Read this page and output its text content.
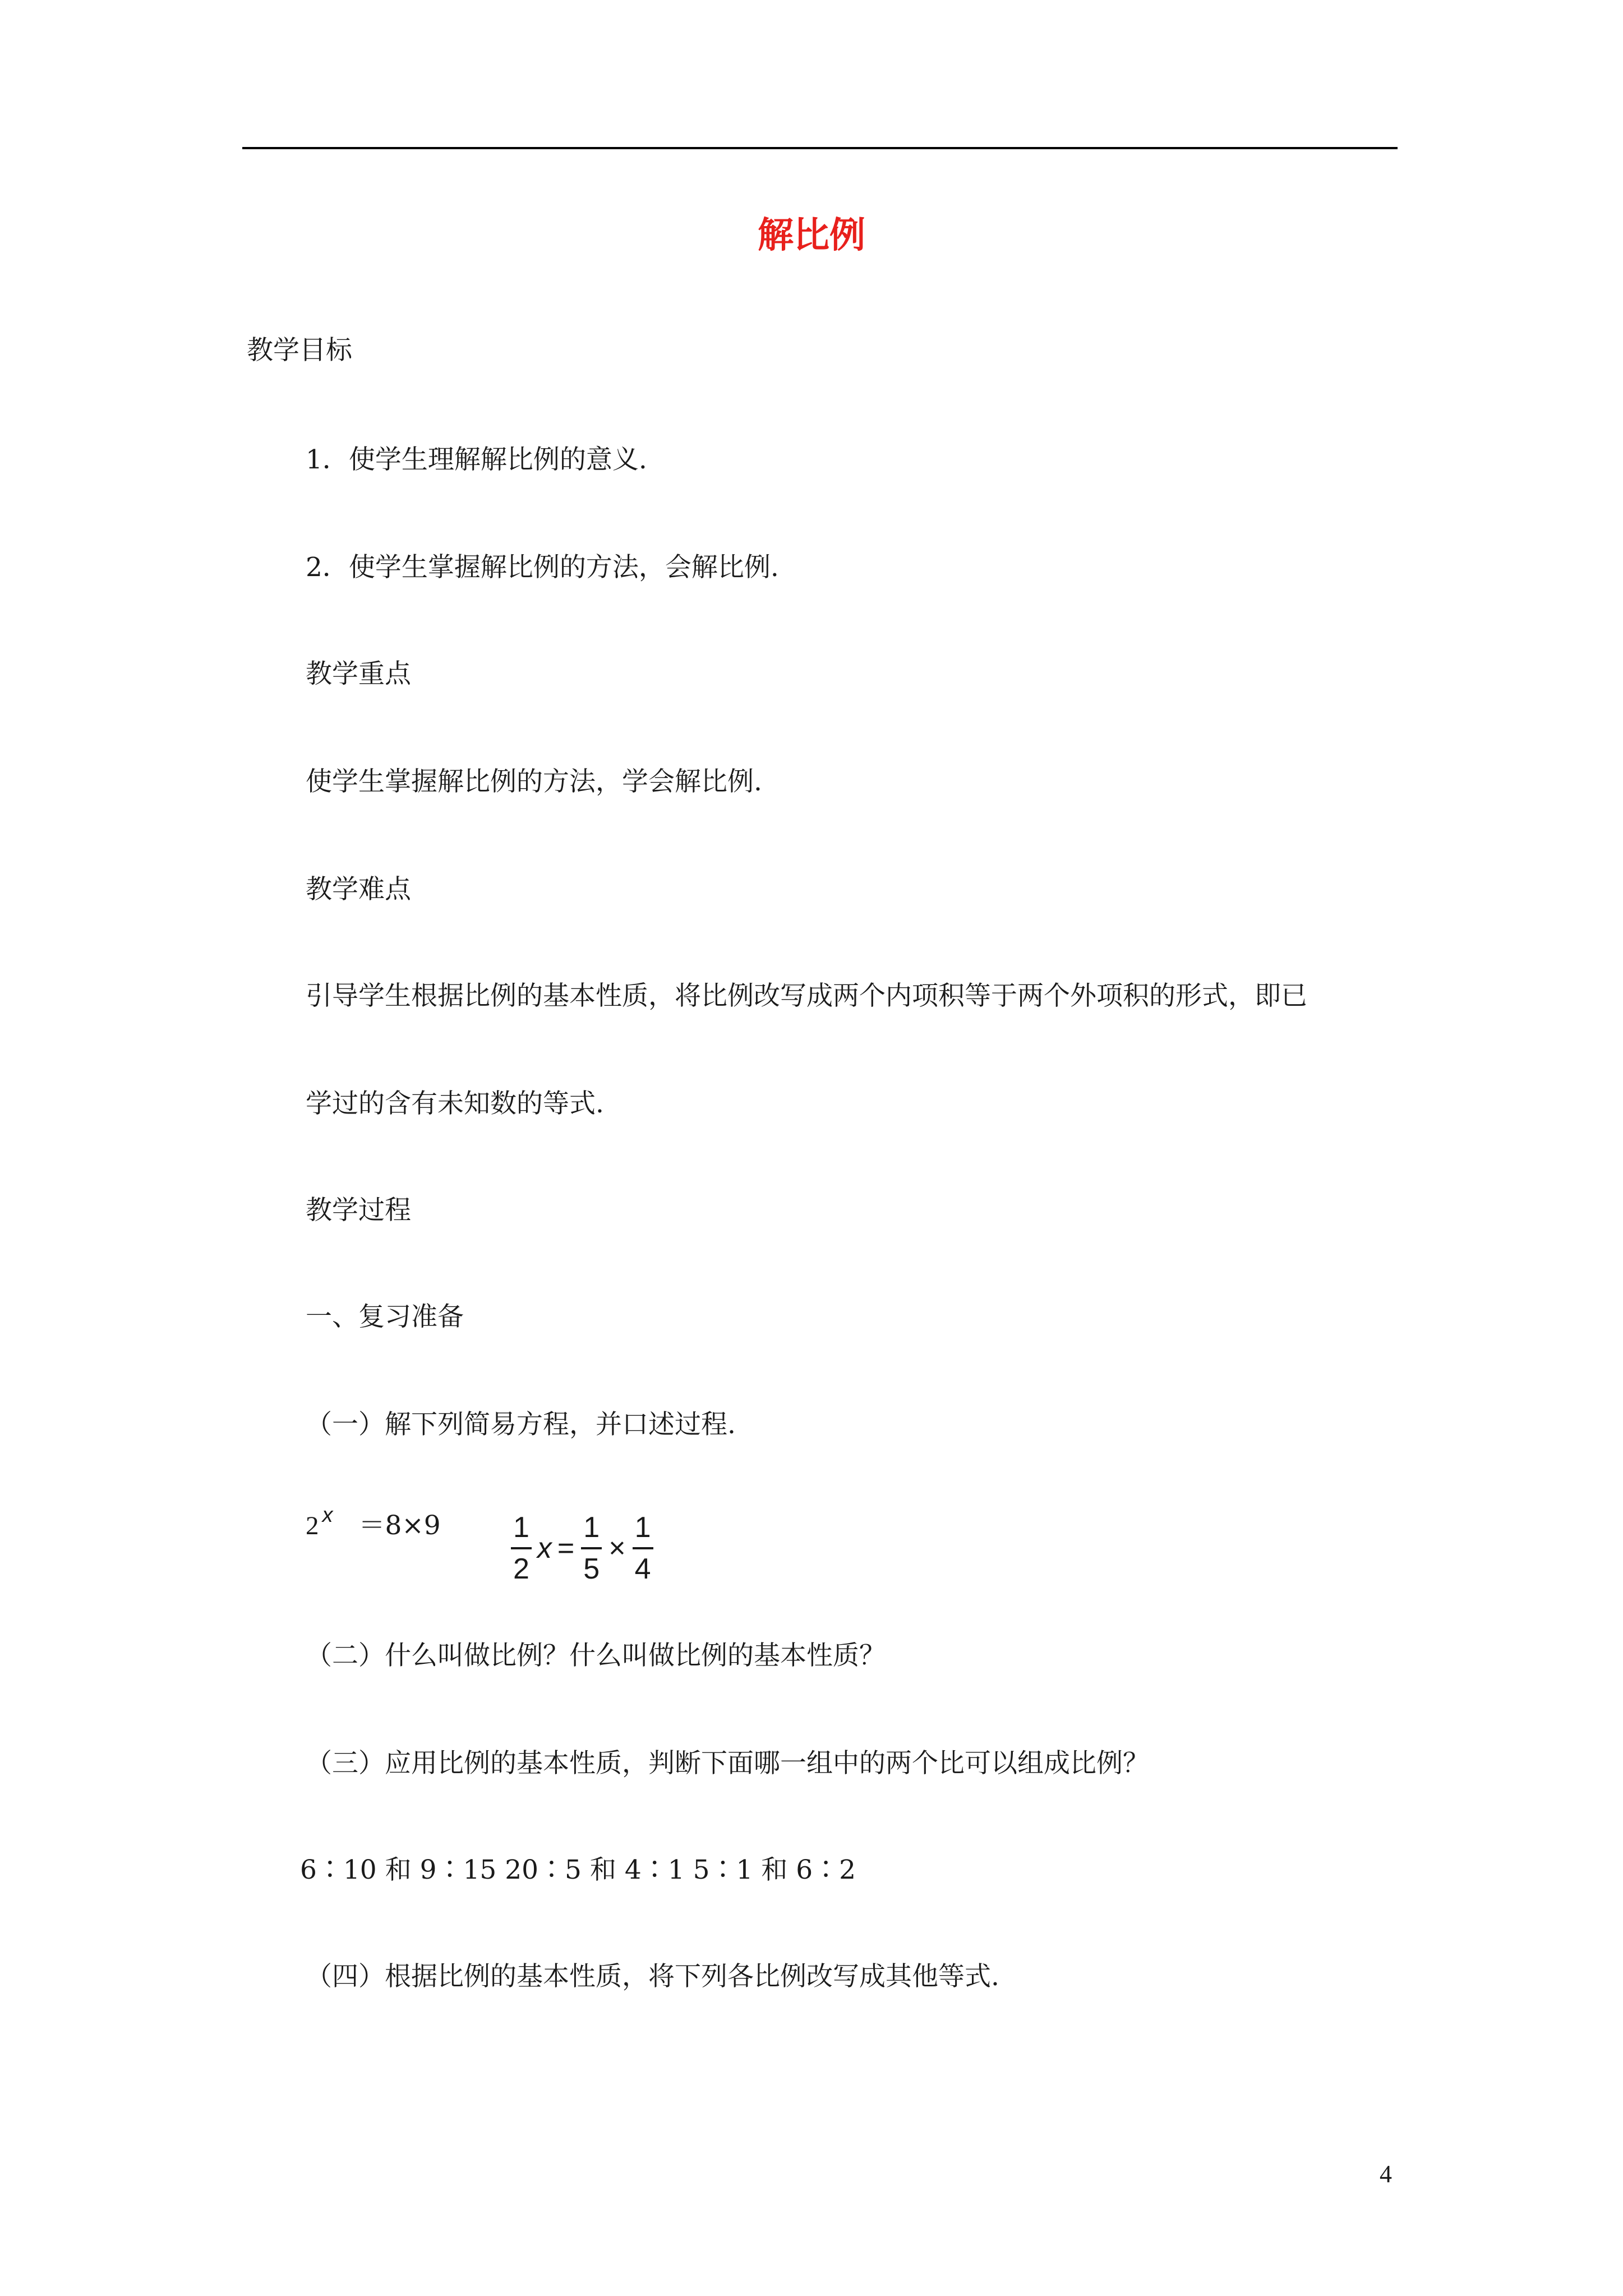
解比例
教学目标
1．使学生理解解比例的意义.
2．使学生掌握解比例的方法，会解比例.
教学重点
使学生掌握解比例的方法，学会解比例.
教学难点
引导学生根据比例的基本性质，将比例改写成两个内项积等于两个外项积的形式，即已
学过的含有未知数的等式.
教学过程
一、复习准备
（一）解下列简易方程，并口述过程.
2 $^x =8\times 9 \frac{1}{2}$ $x = \frac{1}{5} \times \frac{1}{4}$
（二）什么叫做比例？什么叫做比例的基本性质？
（三）应用比例的基本性质，判断下面哪一组中的两个比可以组成比例？
6∶10 和 9∶15 20∶5 和 4∶1 5∶1 和 6∶2
（四）根据比例的基本性质，将下列各比例改写成其他等式.
4
